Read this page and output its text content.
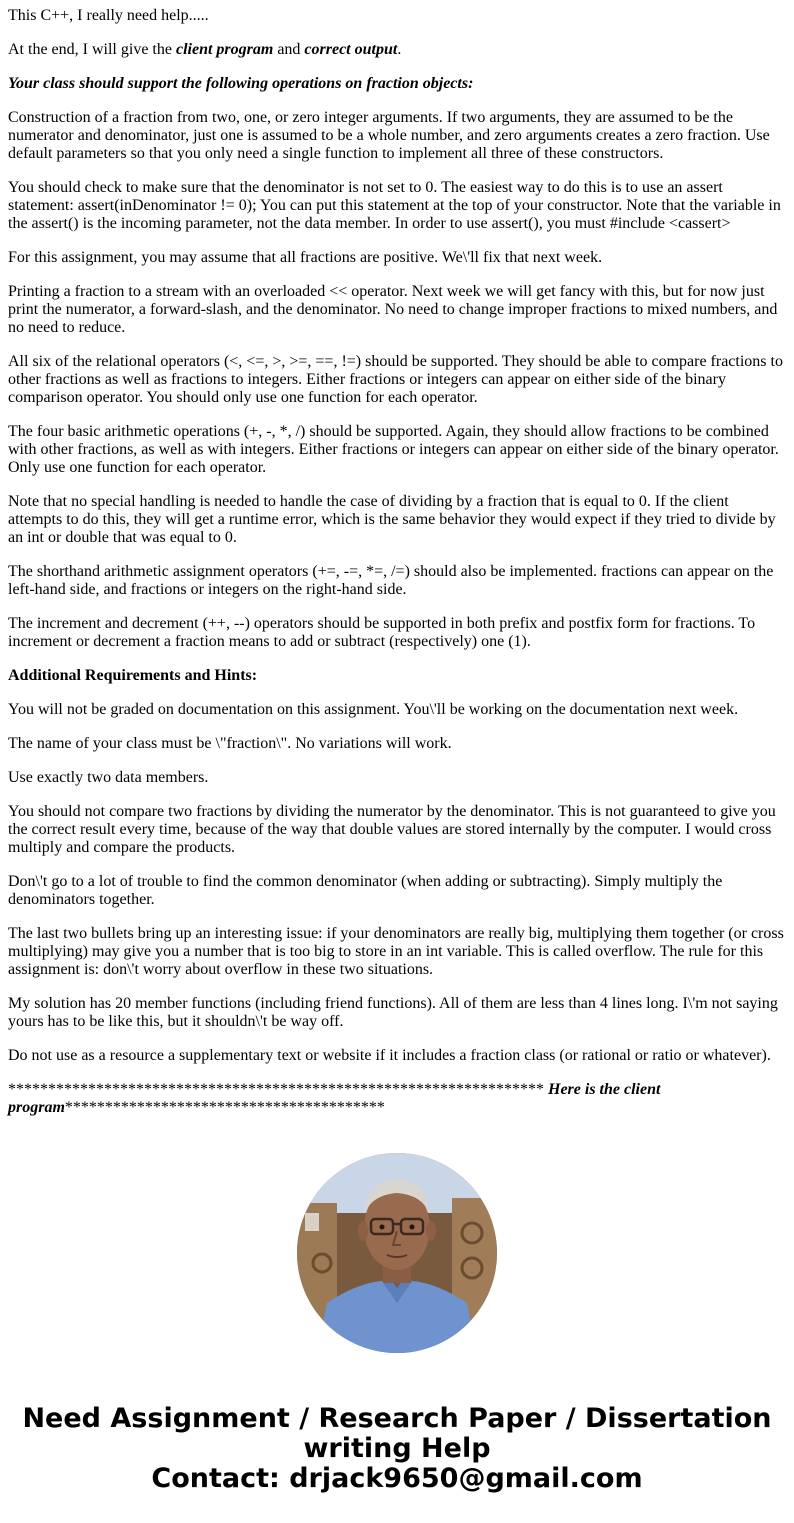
This C++, I really need help.....

At the end, I will give the client program and correct output.

Your class should support the following operations on fraction objects:

Construction of a fraction from two, one, or zero integer arguments. If two arguments, they are assumed to be the numerator and denominator, just one is assumed to be a whole number, and zero arguments creates a zero fraction. Use default parameters so that you only need a single function to implement all three of these constructors.

You should check to make sure that the denominator is not set to 0. The easiest way to do this is to use an assert statement: assert(inDenominator != 0); You can put this statement at the top of your constructor. Note that the variable in the assert() is the incoming parameter, not the data member. In order to use assert(), you must #include <cassert>

For this assignment, you may assume that all fractions are positive. We\'ll fix that next week.

Printing a fraction to a stream with an overloaded << operator. Next week we will get fancy with this, but for now just print the numerator, a forward-slash, and the denominator. No need to change improper fractions to mixed numbers, and no need to reduce.

All six of the relational operators (<, <=, >, >=, ==, !=) should be supported. They should be able to compare fractions to other fractions as well as fractions to integers. Either fractions or integers can appear on either side of the binary comparison operator. You should only use one function for each operator.

The four basic arithmetic operations (+, -, *, /) should be supported. Again, they should allow fractions to be combined with other fractions, as well as with integers. Either fractions or integers can appear on either side of the binary operator. Only use one function for each operator.

Note that no special handling is needed to handle the case of dividing by a fraction that is equal to 0. If the client attempts to do this, they will get a runtime error, which is the same behavior they would expect if they tried to divide by an int or double that was equal to 0.

The shorthand arithmetic assignment operators (+=, -=, *=, /=) should also be implemented. fractions can appear on the left-hand side, and fractions or integers on the right-hand side.

The increment and decrement (++, --) operators should be supported in both prefix and postfix form for fractions. To increment or decrement a fraction means to add or subtract (respectively) one (1).

Additional Requirements and Hints:

You will not be graded on documentation on this assignment. You\'ll be working on the documentation next week.

The name of your class must be \"fraction\". No variations will work.

Use exactly two data members.

You should not compare two fractions by dividing the numerator by the denominator. This is not guaranteed to give you the correct result every time, because of the way that double values are stored internally by the computer. I would cross multiply and compare the products.

Don\'t go to a lot of trouble to find the common denominator (when adding or subtracting). Simply multiply the denominators together.

The last two bullets bring up an interesting issue: if your denominators are really big, multiplying them together (or cross multiplying) may give you a number that is too big to store in an int variable. This is called overflow. The rule for this assignment is: don\'t worry about overflow in these two situations.

My solution has 20 member functions (including friend functions). All of them are less than 4 lines long. I\'m not saying yours has to be like this, but it shouldn\'t be way off.

Do not use as a resource a supplementary text or website if it includes a fraction class (or rational or ratio or whatever).

******************************************************************* Here is the client program****************************************

Need Assignment / Research Paper / Dissertation
writing Help
Contact: drjack9650@gmail.com
